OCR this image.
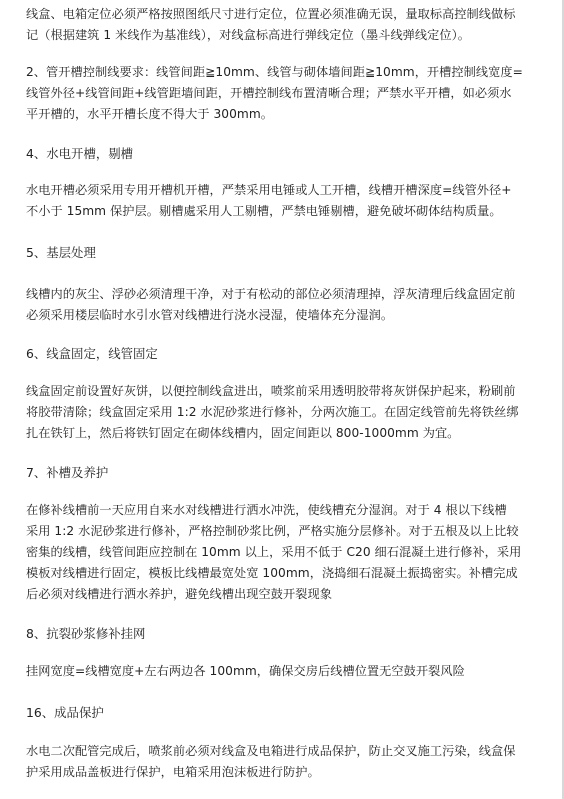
线盒、电箱定位必须严格按照图纸尺寸进行定位，位置必须准确无误，量取标高控制线做标
记（根据建筑 1 米线作为基准线），对线盒标高进行弹线定位（墨斗线弹线定位）。

2、管开槽控制线要求：线管间距≧10mm、线管与砌体墙间距≧10mm，开槽控制线宽度=
线管外径+线管间距+线管距墙间距，开槽控制线布置清晰合理；严禁水平开槽，如必须水
平开槽的，水平开槽长度不得大于 300mm。

4、水电开槽，剔槽

水电开槽必须采用专用开槽机开槽，严禁采用电锤或人工开槽，线槽开槽深度=线管外径+
不小于 15mm 保护层。剔槽處采用人工剔槽，严禁电锤剔槽，避免破坏砌体结构质量。

5、基层处理

线槽内的灰尘、浮砂必须清理干净，对于有松动的部位必须清理掉，浮灰清理后线盒固定前
必须采用楼层临时水引水管对线槽进行浇水浸湿，使墙体充分湿润。

6、线盒固定，线管固定

线盒固定前设置好灰饼，以便控制线盒进出，喷浆前采用透明胶带将灰饼保护起来，粉刷前
将胶带清除；线盒固定采用 1:2 水泥砂浆进行修补，分两次施工。在固定线管前先将铁丝绑
扎在铁钉上，然后将铁钉固定在砌体线槽内，固定间距以 800-1000mm 为宜。

7、补槽及养护

在修补线槽前一天应用自来水对线槽进行洒水冲洗，使线槽充分湿润。对于 4 根以下线槽
采用 1:2 水泥砂浆进行修补，严格控制砂浆比例，严格实施分层修补。对于五根及以上比较
密集的线槽，线管间距应控制在 10mm 以上，采用不低于 C20 细石混凝土进行修补，采用
模板对线槽进行固定，模板比线槽最宽处宽 100mm，浇捣细石混凝土振捣密实。补槽完成
后必须对线槽进行洒水养护，避免线槽出现空鼓开裂现象

8、抗裂砂浆修补挂网

挂网宽度=线槽宽度+左右两边各 100mm，确保交房后线槽位置无空鼓开裂风险

16、成品保护

水电二次配管完成后，喷浆前必须对线盒及电箱进行成品保护，防止交叉施工污染，线盒保
护采用成品盖板进行保护，电箱采用泡沫板进行防护。
